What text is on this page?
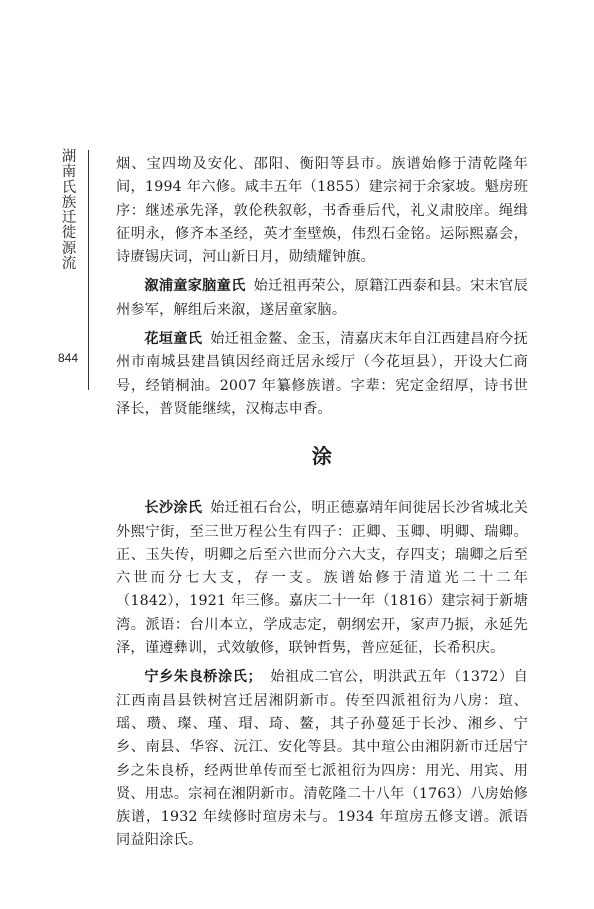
湖南氏族迁徙源流
844

烟、宝四坳及安化、邵阳、衡阳等县市。族谱始修于清乾隆年间，1994 年六修。咸丰五年（1855）建宗祠于余家坡。魁房班序：继述承先泽，敦伦秩叙彰，书香垂后代，礼义肃胶庠。绳缉征明永，修齐本圣经，英才奎壁焕，伟烈石金铭。运际熙嘉会，诗赓锡庆词，河山新日月，勋绩耀钟旗。

溆浦童家脑童氏 始迁祖再荣公，原籍江西泰和县。宋末官辰州参军，解组后来溆，遂居童家脑。

花垣童氏 始迁祖金鳌、金玉，清嘉庆末年自江西建昌府今抚州市南城县建昌镇因经商迁居永绥厅（今花垣县），开设大仁商号，经销桐油。2007 年纂修族谱。字辈：宪定金绍厚，诗书世泽长，普贤能继续，汉梅志申香。

涂

长沙涂氏 始迁祖石台公，明正德嘉靖年间徙居长沙省城北关外熙宁街，至三世万程公生有四子：正卿、玉卿、明卿、瑞卿。正、玉失传，明卿之后至六世而分六大支，存四支；瑞卿之后至六世而分七大支，存一支。族谱始修于清道光二十二年（1842），1921 年三修。嘉庆二十一年（1816）建宗祠于新塘湾。派语：台川本立，学成志定，朝纲宏开，家声乃振，永延先泽，谨遵彝训，式效敏修，联钟哲隽，普应延征，长希积庆。

宁乡朱良桥涂氏； 始祖成二官公，明洪武五年（1372）自江西南昌县铁树宫迁居湘阴新市。传至四派祖衍为八房：瑄、瑶、瓒、璨、瑾、瑁、琦、鳌，其子孙蔓延于长沙、湘乡、宁乡、南县、华容、沅江、安化等县。其中瑄公由湘阴新市迁居宁乡之朱良桥，经两世单传而至七派祖衍为四房：用光、用宾、用贤、用忠。宗祠在湘阴新市。清乾隆二十八年（1763）八房始修族谱，1932 年续修时瑄房未与。1934 年瑄房五修支谱。派语同益阳涂氏。
